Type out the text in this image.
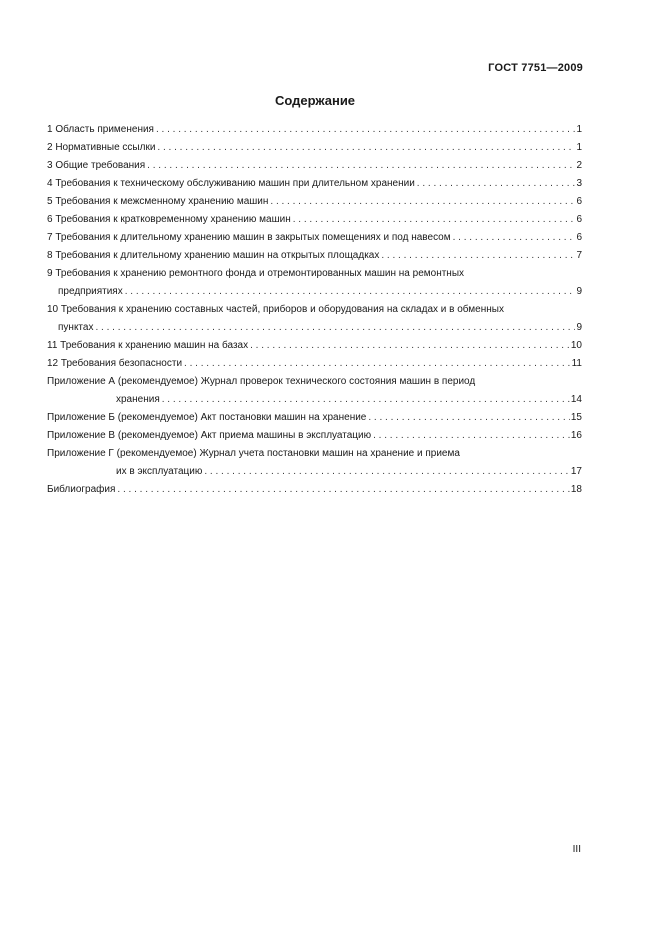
ГОСТ 7751—2009
Содержание
1 Область применения . . .	1
2 Нормативные ссылки . . .	1
3 Общие требования . . .	2
4 Требования к техническому обслуживанию машин при длительном хранении . . .	3
5 Требования к межсменному хранению машин . . .	6
6 Требования к кратковременному хранению машин . . .	6
7 Требования к длительному хранению машин в закрытых помещениях и под навесом . . .	6
8 Требования к длительному хранению машин на открытых площадках . . .	7
9 Требования к хранению ремонтного фонда и отремонтированных машин на ремонтных
предприятиях . . .	9
10 Требования к хранению составных частей, приборов и оборудования на складах и в обменных
пунктах . . .	9
11 Требования к хранению машин на базах . . .	10
12 Требования безопасности . . .	11
Приложение А (рекомендуемое) Журнал проверок технического состояния машин в период
хранения . . .	14
Приложение Б (рекомендуемое) Акт постановки машин на хранение . . .	15
Приложение В (рекомендуемое) Акт приема машины в эксплуатацию . . .	16
Приложение Г (рекомендуемое) Журнал учета постановки машин на хранение и приема
их в эксплуатацию . . .	17
Библиография . . .	18
III
